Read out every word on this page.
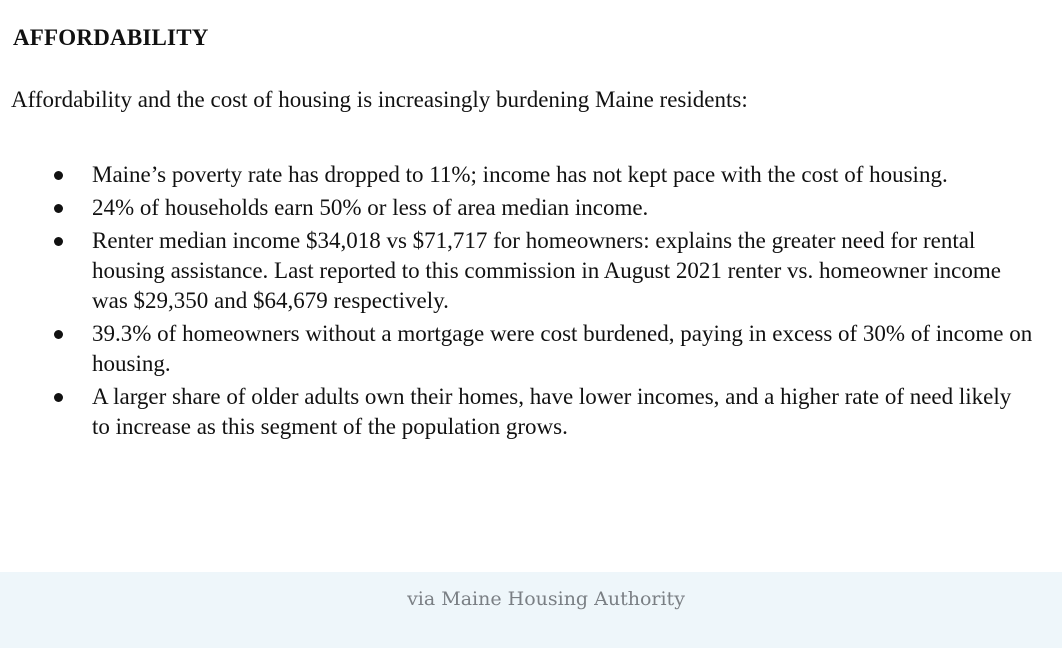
AFFORDABILITY

Affordability and the cost of housing is increasingly burdening Maine residents:

Maine’s poverty rate has dropped to 11%; income has not kept pace with the cost of housing.
24% of households earn 50% or less of area median income.
Renter median income $34,018 vs $71,717 for homeowners: explains the greater need for rental housing assistance. Last reported to this commission in August 2021 renter vs. homeowner income was $29,350 and $64,679 respectively.
39.3% of homeowners without a mortgage were cost burdened, paying in excess of 30% of income on housing.
A larger share of older adults own their homes, have lower incomes, and a higher rate of need likely to increase as this segment of the population grows.

via Maine Housing Authority
